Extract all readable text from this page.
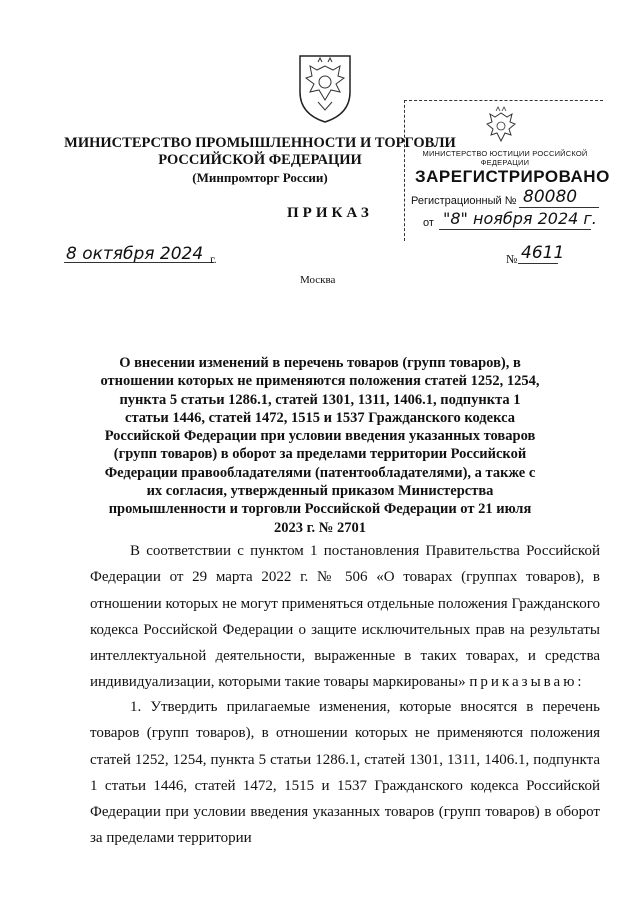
МИНИСТЕРСТВО ПРОМЫШЛЕННОСТИ И ТОРГОВЛИ
РОССИЙСКОЙ ФЕДЕРАЦИИ
(Минпромторг России)
МИНИСТЕРСТВО ЮСТИЦИИ РОССИЙСКОЙ ФЕДЕРАЦИИ
ЗАРЕГИСТРИРОВАНО
Регистрационный № 80080
от "8" ноября 2024 г.
ПРИКАЗ
8 октября 2024 г.	№ 4611
Москва
О внесении изменений в перечень товаров (групп товаров), в отношении которых не применяются положения статей 1252, 1254, пункта 5 статьи 1286.1, статей 1301, 1311, 1406.1, подпункта 1 статьи 1446, статей 1472, 1515 и 1537 Гражданского кодекса Российской Федерации при условии введения указанных товаров (групп товаров) в оборот за пределами территории Российской Федерации правообладателями (патентообладателями), а также с их согласия, утвержденный приказом Министерства промышленности и торговли Российской Федерации от 21 июля 2023 г. № 2701
В соответствии с пунктом 1 постановления Правительства Российской Федерации от 29 марта 2022 г. № 506 «О товарах (группах товаров), в отношении которых не могут применяться отдельные положения Гражданского кодекса Российской Федерации о защите исключительных прав на результаты интеллектуальной деятельности, выраженные в таких товарах, и средства индивидуализации, которыми такие товары маркированы» приказываю:
1. Утвердить прилагаемые изменения, которые вносятся в перечень товаров (групп товаров), в отношении которых не применяются положения статей 1252, 1254, пункта 5 статьи 1286.1, статей 1301, 1311, 1406.1, подпункта 1 статьи 1446, статей 1472, 1515 и 1537 Гражданского кодекса Российской Федерации при условии введения указанных товаров (групп товаров) в оборот за пределами территории
